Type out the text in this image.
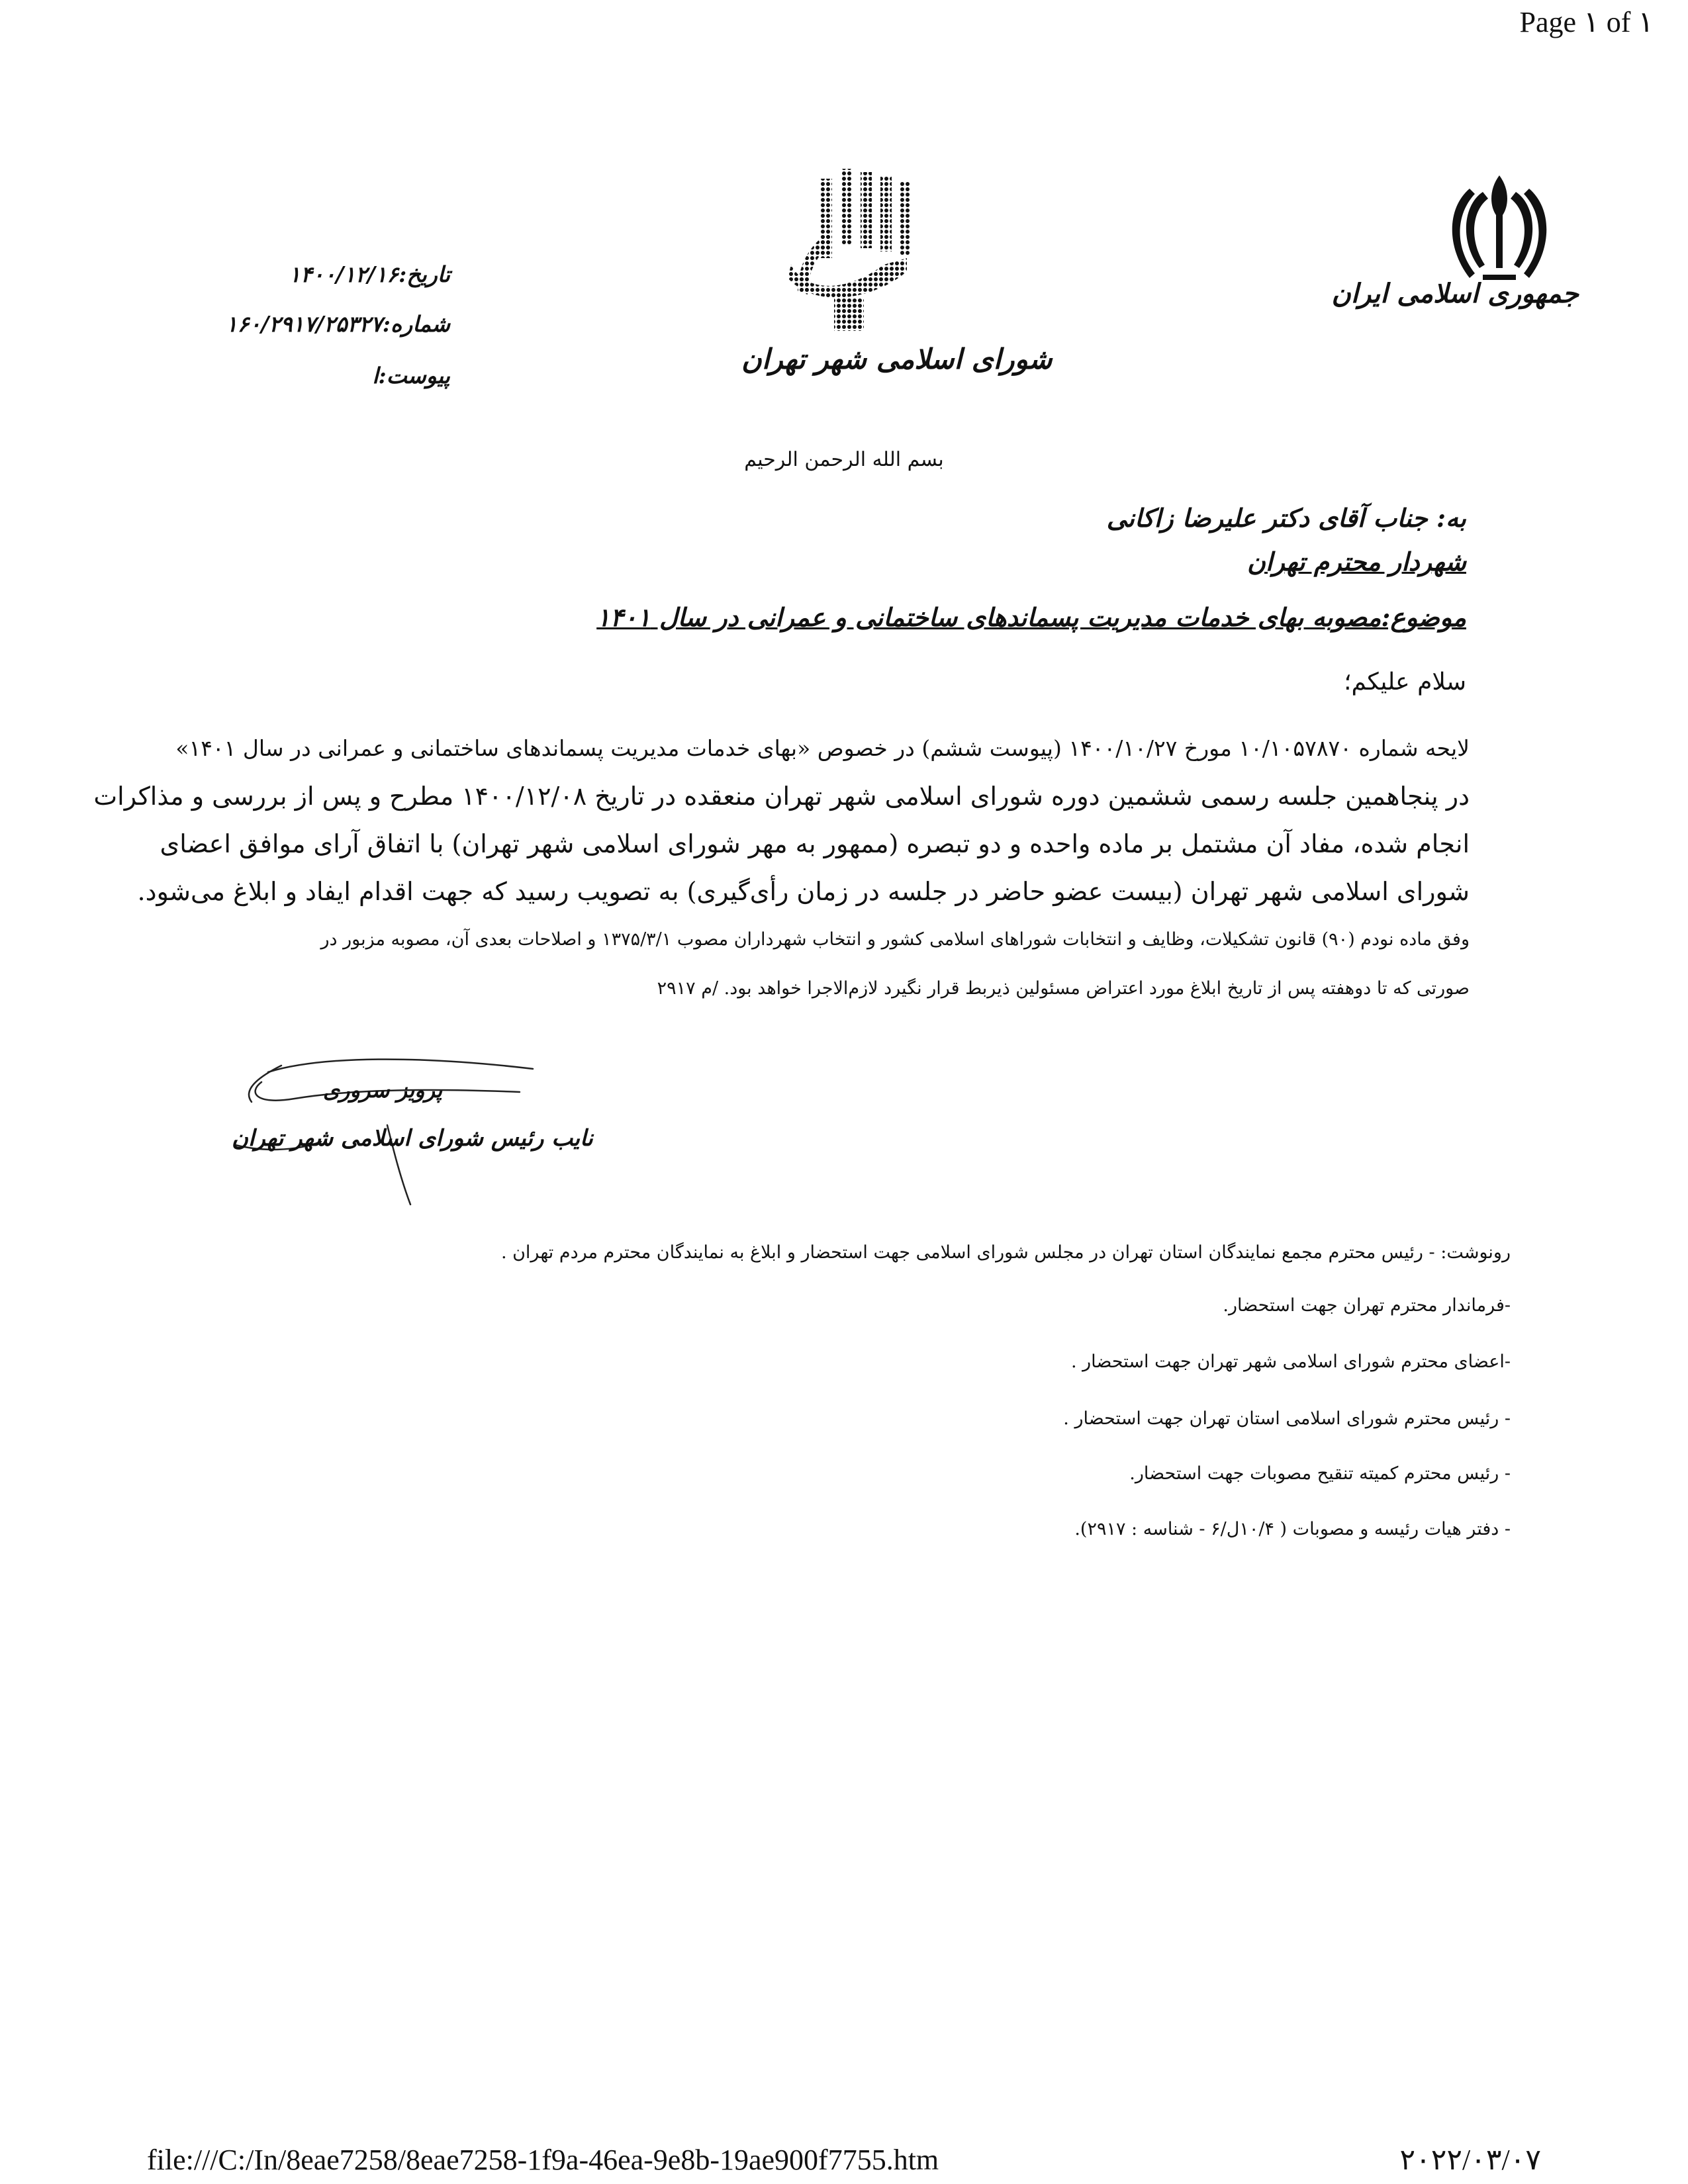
Page ١ of ١
جمهوری اسلامی ایران
شورای اسلامی شهر تهران
تاریخ:۱۴۰۰/۱۲/۱۶
شماره:۱۶۰/۲۹۱۷/۲۵۳۲۷
پیوست:ا
بسم الله الرحمن الرحیم
به: جناب آقای دکتر علیرضا زاکانی
شهردار محترم تهران
موضوع:مصوبه بهای خدمات مدیریت پسماندهای ساختمانی و عمرانی در سال ۱۴۰۱
سلام علیکم؛
لایحه شماره ۱۰/۱۰۵۷۸۷۰ مورخ ۱۴۰۰/۱۰/۲۷ (پیوست ششم) در خصوص «بهای خدمات مدیریت پسماندهای ساختمانی و عمرانی در سال ۱۴۰۱»
در پنجاهمین جلسه رسمی ششمین دوره شورای اسلامی شهر تهران منعقده در تاریخ ۱۴۰۰/۱۲/۰۸ مطرح و پس از بررسی و مذاکرات
انجام شده، مفاد آن مشتمل بر ماده واحده و دو تبصره (ممهور به مهر شورای اسلامی شهر تهران) با اتفاق آرای موافق اعضای
شورای اسلامی شهر تهران (بیست عضو حاضر در جلسه در زمان رأی‌گیری) به تصویب رسید که جهت اقدام ایفاد و ابلاغ می‌شود.
وفق ماده نودم (۹۰) قانون تشکیلات، وظایف و انتخابات شوراهای اسلامی کشور و انتخاب شهرداران مصوب ۱۳۷۵/۳/۱ و اصلاحات بعدی آن، مصوبه مزبور در
صورتی که تا دوهفته پس از تاریخ ابلاغ مورد اعتراض مسئولین ذیربط قرار نگیرد لازم‌الاجرا خواهد بود. /م ۲۹۱۷
پرویز سروری
نایب رئیس شورای اسلامی شهر تهران
رونوشت: - رئیس محترم مجمع نمایندگان استان تهران در مجلس شورای اسلامی جهت استحضار و ابلاغ به نمایندگان محترم مردم تهران .
-فرماندار محترم تهران جهت استحضار.
-اعضای محترم شورای اسلامی شهر تهران جهت استحضار .
- رئیس محترم شورای اسلامی استان تهران جهت استحضار .
- رئیس محترم کمیته تنقیح مصوبات جهت استحضار.
- دفتر هیات رئیسه و مصوبات ( ۱۰/۴ل/۶ - شناسه : ۲۹۱۷).
file:///C:/In/8eae7258/8eae7258-1f9a-46ea-9e8b-19ae900f7755.htm	۲۰۲۲/۰۳/۰۷
